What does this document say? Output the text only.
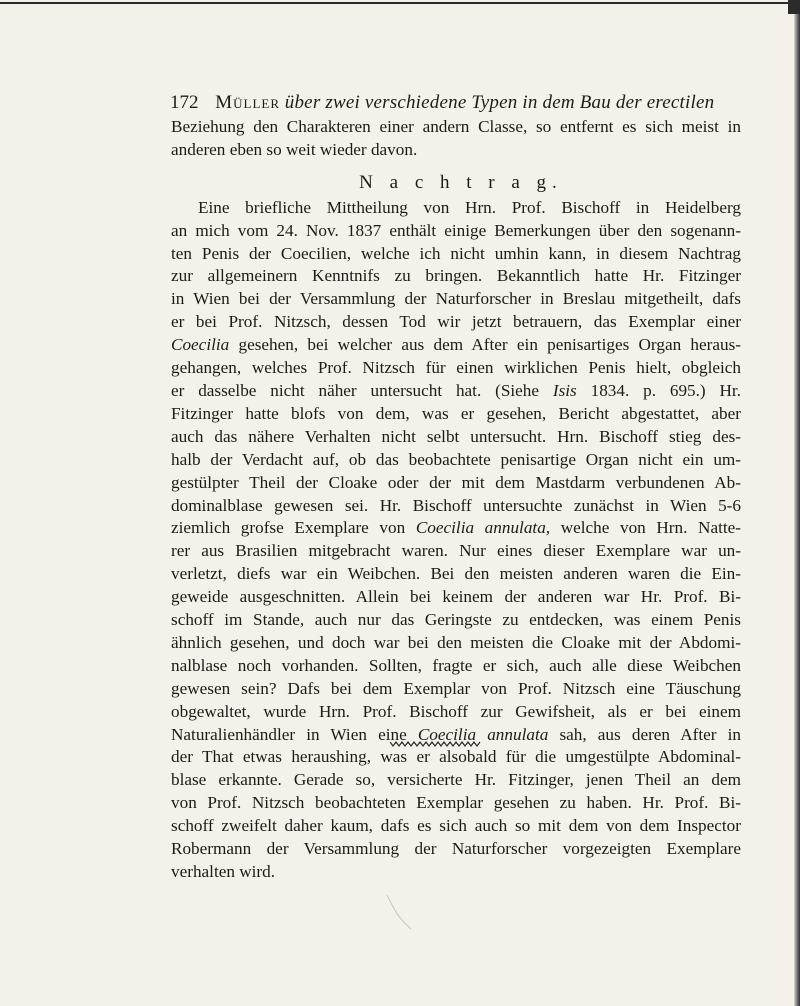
172 Müller über zwei verschiedene Typen in dem Bau der erectilen
Beziehung den Charakteren einer andern Classe, so entfernt es sich meist in
anderen eben so weit wieder davon.
N a c h t r a g.
Eine briefliche Mittheilung von Hrn. Prof. Bischoff in Heidelberg
an mich vom 24. Nov. 1837 enthält einige Bemerkungen über den sogenann-
ten Penis der Coecilien, welche ich nicht umhin kann, in diesem Nachtrag
zur allgemeinern Kenntnifs zu bringen. Bekanntlich hatte Hr. Fitzinger
in Wien bei der Versammlung der Naturforscher in Breslau mitgetheilt, dafs
er bei Prof. Nitzsch, dessen Tod wir jetzt betrauern, das Exemplar einer
Coecilia gesehen, bei welcher aus dem After ein penisartiges Organ heraus-
gehangen, welches Prof. Nitzsch für einen wirklichen Penis hielt, obgleich
er dasselbe nicht näher untersucht hat. (Siehe Isis 1834. p. 695.) Hr.
Fitzinger hatte blofs von dem, was er gesehen, Bericht abgestattet, aber
auch das nähere Verhalten nicht selbt untersucht. Hrn. Bischoff stieg des-
halb der Verdacht auf, ob das beobachtete penisartige Organ nicht ein um-
gestülpter Theil der Cloake oder der mit dem Mastdarm verbundenen Ab-
dominalblase gewesen sei. Hr. Bischoff untersuchte zunächst in Wien 5-6
ziemlich grofse Exemplare von Coecilia annulata, welche von Hrn. Natte-
rer aus Brasilien mitgebracht waren. Nur eines dieser Exemplare war un-
verletzt, diefs war ein Weibchen. Bei den meisten anderen waren die Ein-
geweide ausgeschnitten. Allein bei keinem der anderen war Hr. Prof. Bi-
schoff im Stande, auch nur das Geringste zu entdecken, was einem Penis
ähnlich gesehen, und doch war bei den meisten die Cloake mit der Abdomi-
nalblase noch vorhanden. Sollten, fragte er sich, auch alle diese Weibchen
gewesen sein? Dafs bei dem Exemplar von Prof. Nitzsch eine Täuschung
obgewaltet, wurde Hrn. Prof. Bischoff zur Gewifsheit, als er bei einem
Naturalienhändler in Wien eine Coecilia annulata sah, aus deren After in
der That etwas heraushing, was er alsobald für die umgestülpte Abdominal-
blase erkannte. Gerade so, versicherte Hr. Fitzinger, jenen Theil an dem
von Prof. Nitzsch beobachteten Exemplar gesehen zu haben. Hr. Prof. Bi-
schoff zweifelt daher kaum, dafs es sich auch so mit dem von dem Inspector
Robermann der Versammlung der Naturforscher vorgezeigten Exemplare
verhalten wird.
